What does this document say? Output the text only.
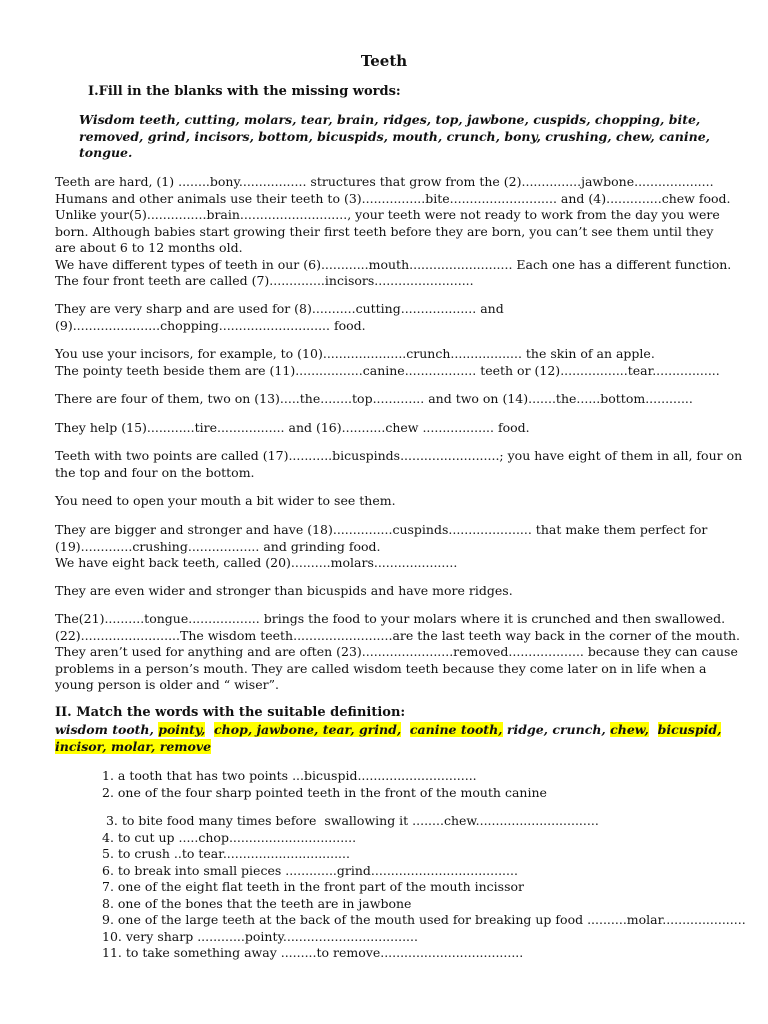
Teeth
I.Fill in the blanks with the missing words:
Wisdom teeth, cutting, molars, tear, brain, ridges, top, jawbone, cuspids, chopping, bite,
removed, grind, incisors, bottom, bicuspids, mouth, crunch, bony, crushing, chew, canine,
tongue.
Teeth are hard, (1) ........bony................. structures that grow from the (2)...............jawbone....................
Humans and other animals use their teeth to (3)................bite........................... and (4)..............chew food.
Unlike your(5)...............brain..........................., your teeth were not ready to work from the day you were
born. Although babies start growing their first teeth before they are born, you can’t see them until they
are about 6 to 12 months old.
We have different types of teeth in our (6)............mouth.......................... Each one has a different function.
The four front teeth are called (7)..............incisors.........................
They are very sharp and are used for (8)...........cutting................... and
(9)......................chopping............................ food.
You use your incisors, for example, to (10).....................crunch.................. the skin of an apple.
The pointy teeth beside them are (11).................canine.................. teeth or (12).................tear.................
There are four of them, two on (13).....the........top............. and two on (14).......the......bottom............
They help (15)............tire................. and (16)...........chew .................. food.
Teeth with two points are called (17)...........bicuspinds.........................; you have eight of them in all, four on
the top and four on the bottom.
You need to open your mouth a bit wider to see them.
They are bigger and stronger and have (18)...............cuspinds..................... that make them perfect for
(19).............crushing.................. and grinding food.
We have eight back teeth, called (20)..........molars.....................
They are even wider and stronger than bicuspids and have more ridges.
The(21)..........tongue.................. brings the food to your molars where it is crunched and then swallowed.
(22).........................The wisdom teeth.........................are the last teeth way back in the corner of the mouth.
They aren’t used for anything and are often (23).......................removed................... because they can cause
problems in a person’s mouth. They are called wisdom teeth because they come later on in life when a
young person is older and “ wiser”.
II. Match the words with the suitable definition:
wisdom tooth, pointy, chop, jawbone, tear, grind, canine tooth, ridge, crunch, chew, bicuspid,
incisor, molar, remove
1. a tooth that has two points ...bicuspid..............................
2. one of the four sharp pointed teeth in the front of the mouth canine
3. to bite food many times before  swallowing it ........chew...............................
4. to cut up .....chop................................
5. to crush ..to tear................................
6. to break into small pieces .............grind.....................................
7. one of the eight flat teeth in the front part of the mouth incissor
8. one of the bones that the teeth are in jawbone
9. one of the large teeth at the back of the mouth used for breaking up food ..........molar.....................
10. very sharp ............pointy..................................
11. to take something away .........to remove....................................
